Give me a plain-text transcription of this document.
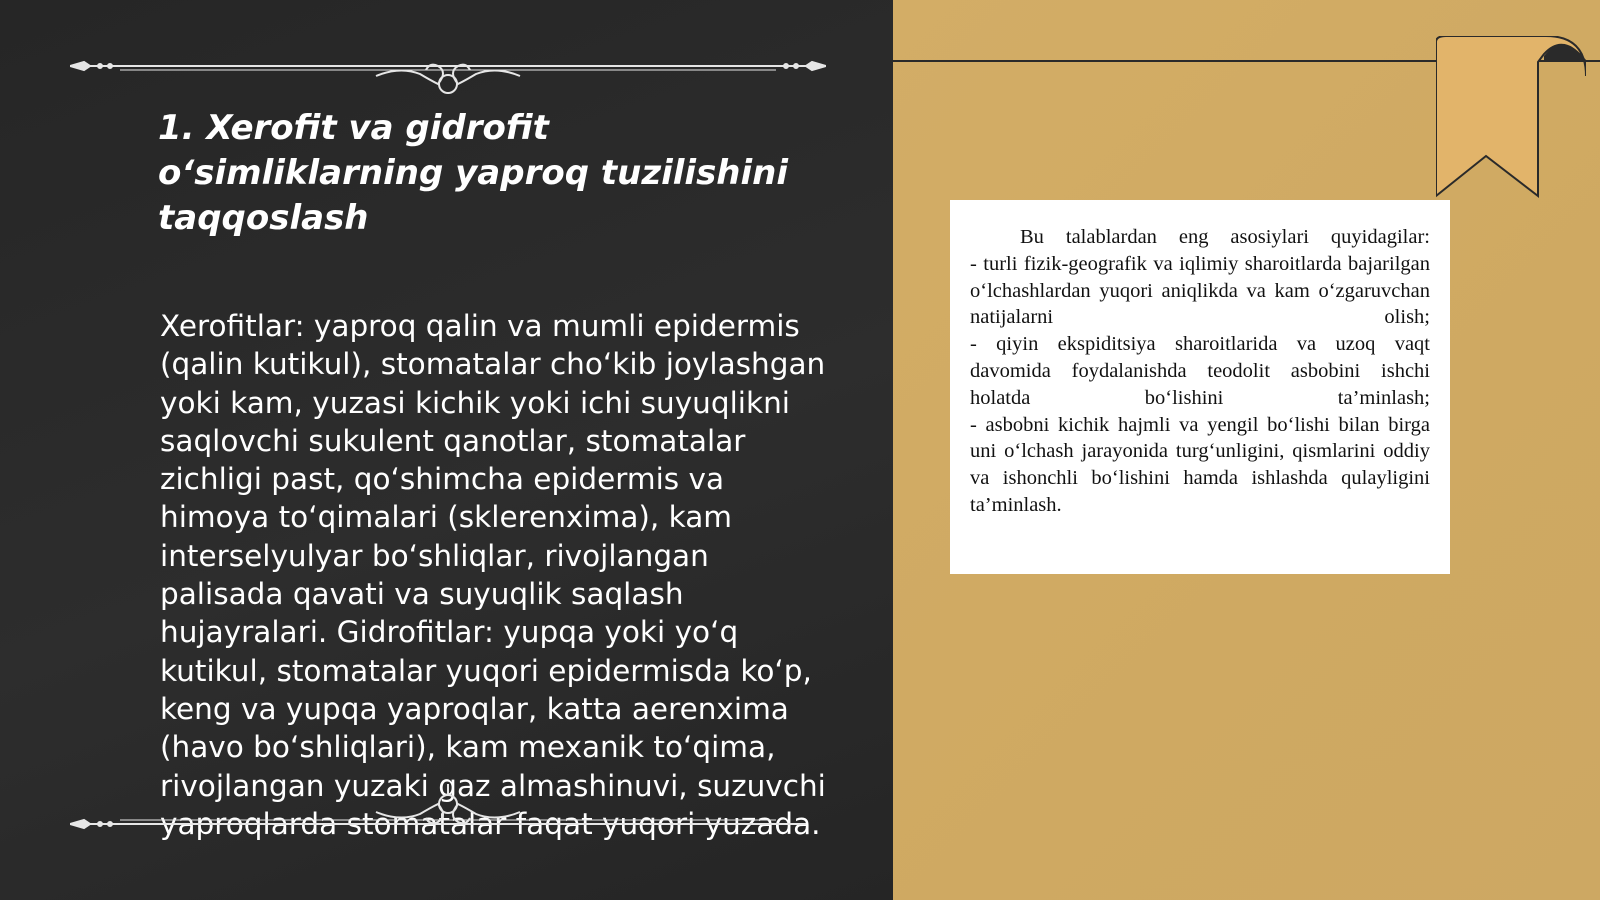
1. Xerofit va gidrofit o‘simliklarning yaproq tuzilishini taqqoslash

Xerofitlar: yaproq qalin va mumli epidermis (qalin kutikul), stomatalar cho‘kib joylashgan yoki kam, yuzasi kichik yoki ichi suyuqlikni saqlovchi sukulent qanotlar, stomatalar zichligi past, qo‘shimcha epidermis va himoya to‘qimalari (sklerenxima), kam interselyulyar bo‘shliqlar, rivojlangan palisada qavati va suyuqlik saqlash hujayralari. Gidrofitlar: yupqa yoki yo‘q kutikul, stomatalar yuqori epidermisda ko‘p, keng va yupqa yaproqlar, katta aerenxima (havo bo‘shliqlari), kam mexanik to‘qima, rivojlangan yuzaki gaz almashinuvi, suzuvchi yaproqlarda stomatalar faqat yuqori yuzada.

Bu talablardan eng asosiylari quyidagilar:
- turli fizik-geografik va iqlimiy sharoitlarda bajarilgan o‘lchashlardan yuqori aniqlikda va kam o‘zgaruvchan natijalarni olish;
- qiyin ekspiditsiya sharoitlarida va uzoq vaqt davomida foydalanishda teodolit asbobini ishchi holatda bo‘lishini ta’minlash;
- asbobni kichik hajmli va yengil bo‘lishi bilan birga uni o‘lchash jarayonida turg‘unligini, qismlarini oddiy va ishonchli bo‘lishini hamda ishlashda qulayligini ta’minlash.
